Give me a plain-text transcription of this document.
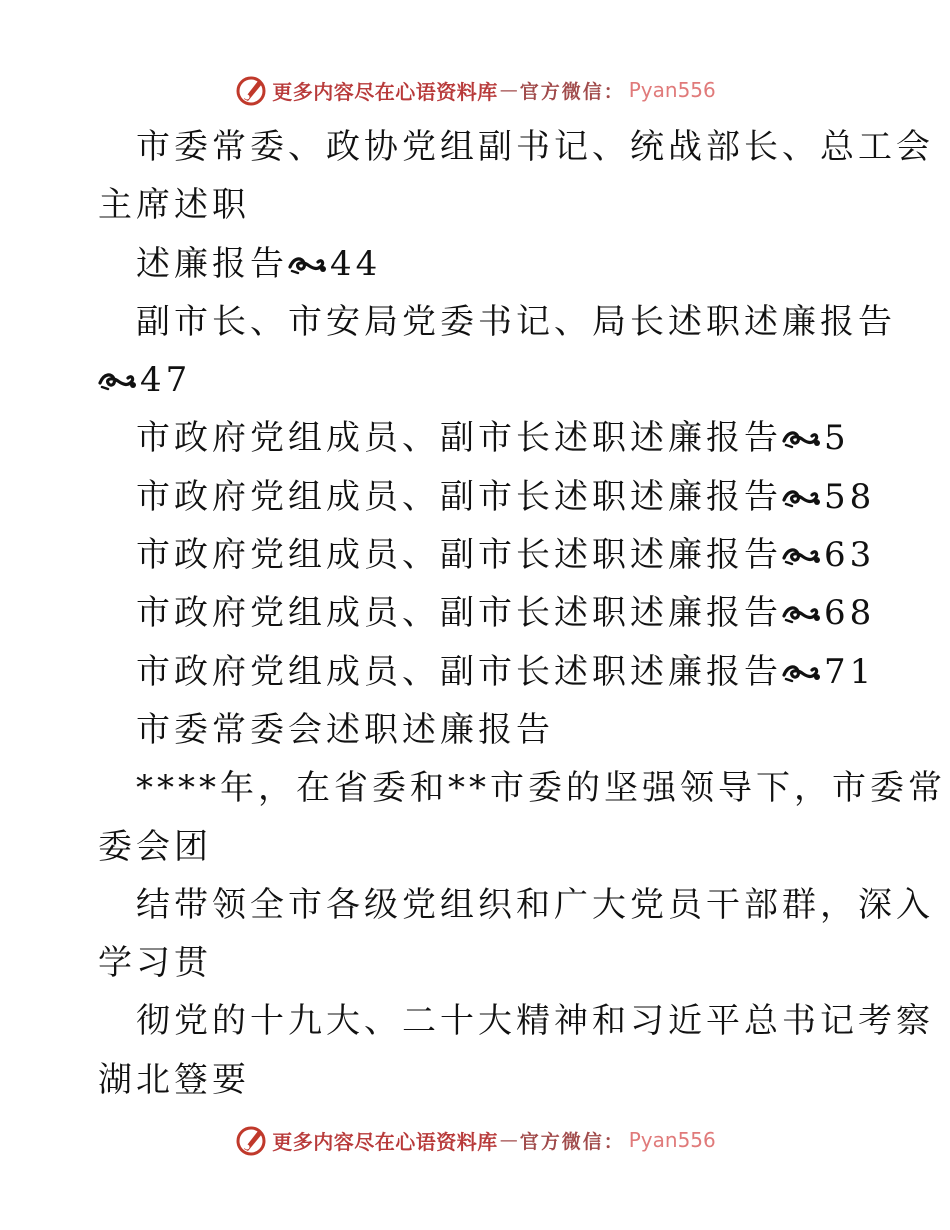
更多内容尽在心语资料库 — 官方微信： Pyan556
市委常委、政协党组副书记、统战部长、总工会
主席述职
述廉报告 44
副市长、市安局党委书记、局长述职述廉报告
47
市政府党组成员、副市长述职述廉报告 5
市政府党组成员、副市长述职述廉报告 58
市政府党组成员、副市长述职述廉报告 63
市政府党组成员、副市长述职述廉报告 68
市政府党组成员、副市长述职述廉报告 71
市委常委会述职述廉报告
****年，在省委和**市委的坚强领导下，市委常
委会团
结带领全市各级党组织和广大党员干部群，深入
学习贯
彻党的十九大、二十大精神和习近平总书记考察
湖北簦要
更多内容尽在心语资料库 — 官方微信： Pyan556
